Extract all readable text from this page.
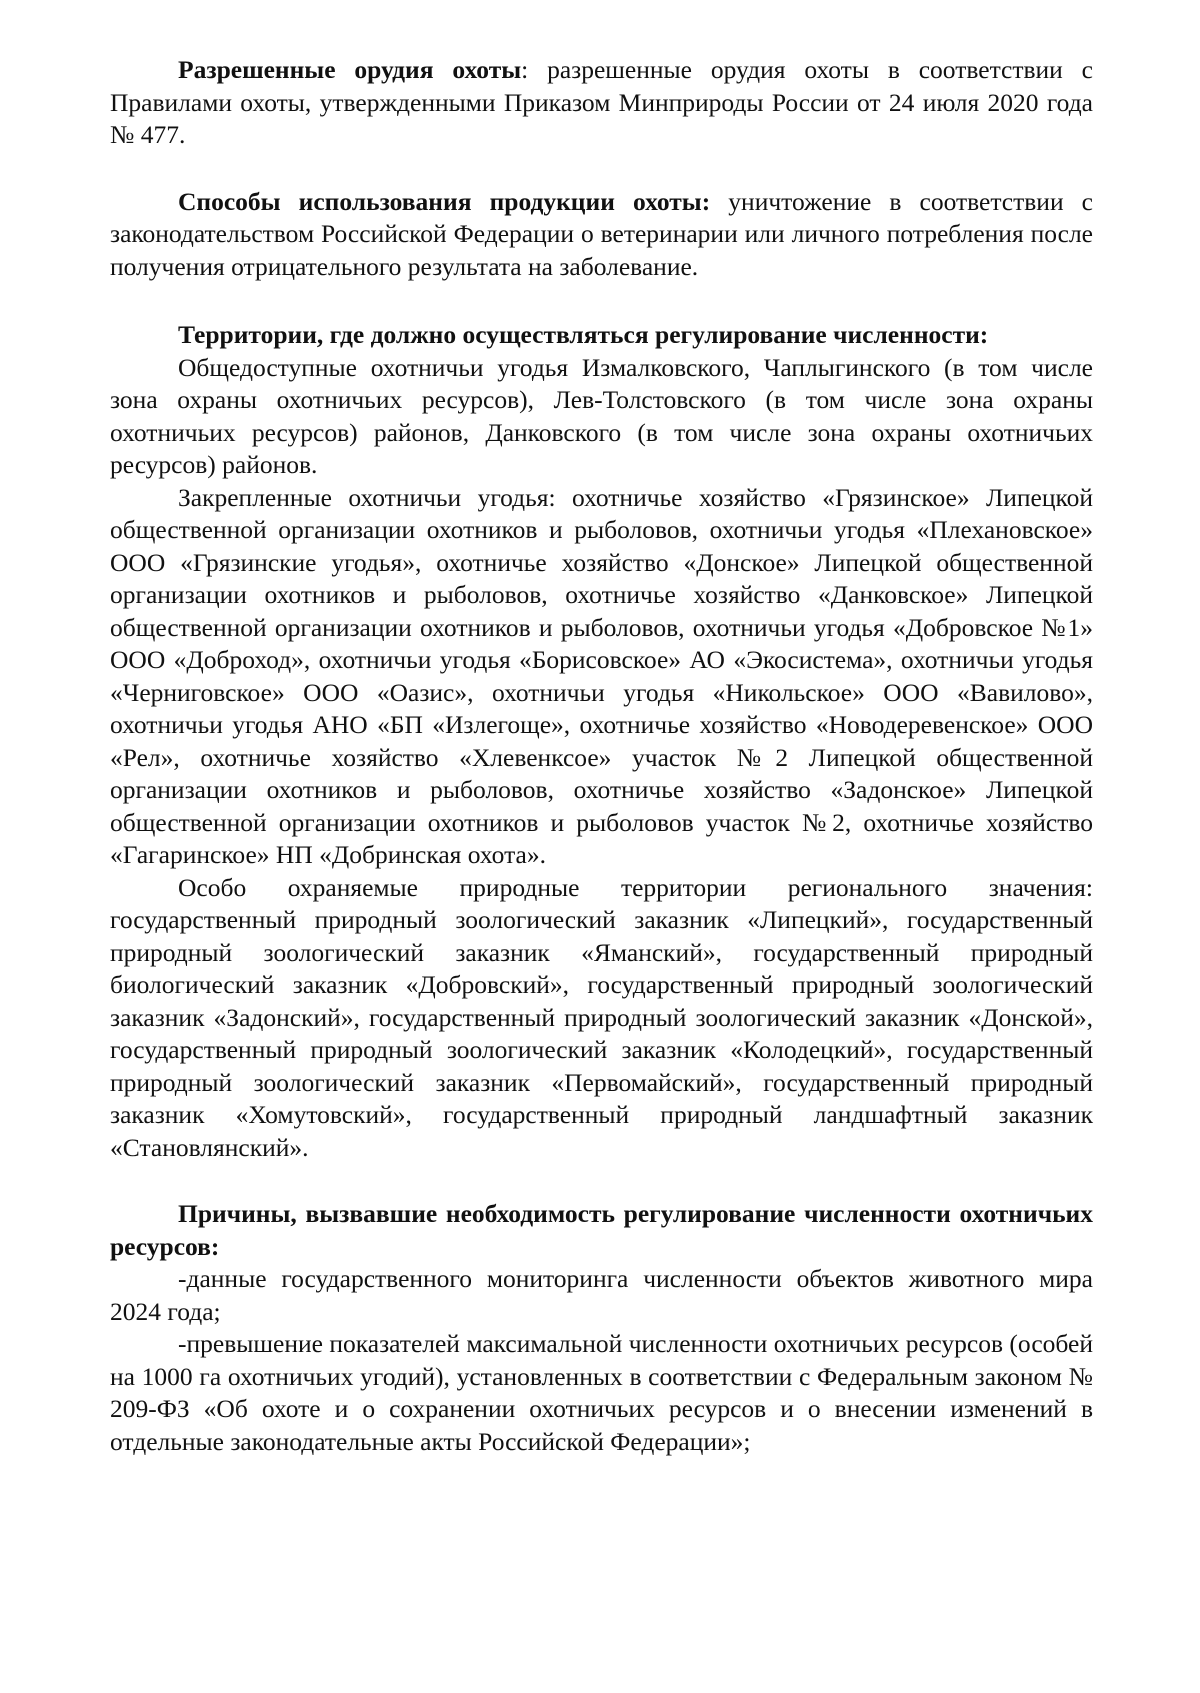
Разрешенные орудия охоты: разрешенные орудия охоты в соответствии с Правилами охоты, утвержденными Приказом Минприроды России от 24 июля 2020 года № 477.

Способы использования продукции охоты: уничтожение в соответствии с законодательством Российской Федерации о ветеринарии или личного потребления после получения отрицательного результата на заболевание.

Территории, где должно осуществляться регулирование численности:

Общедоступные охотничьи угодья Измалковского, Чаплыгинского (в том числе зона охраны охотничьих ресурсов), Лев-Толстовского (в том числе зона охраны охотничьих ресурсов) районов, Данковского (в том числе зона охраны охотничьих ресурсов) районов.

Закрепленные охотничьи угодья: охотничье хозяйство «Грязинское» Липецкой общественной организации охотников и рыболовов, охотничьи угодья «Плехановское» ООО «Грязинские угодья», охотничье хозяйство «Донское» Липецкой общественной организации охотников и рыболовов, охотничье хозяйство «Данковское» Липецкой общественной организации охотников и рыболовов, охотничьи угодья «Добровское №1» ООО «Доброход», охотничьи угодья «Борисовское» АО «Экосистема», охотничьи угодья «Черниговское» ООО «Оазис», охотничьи угодья «Никольское» ООО «Вавилово», охотничьи угодья АНО «БП «Излегоще», охотничье хозяйство «Новодеревенское» ООО «Рел», охотничье хозяйство «Хлевенксое» участок №2 Липецкой общественной организации охотников и рыболовов, охотничье хозяйство «Задонское» Липецкой общественной организации охотников и рыболовов участок №2, охотничье хозяйство «Гагаринское» НП «Добринская охота».

Особо охраняемые природные территории регионального значения: государственный природный зоологический заказник «Липецкий», государственный природный зоологический заказник «Яманский», государственный природный биологический заказник «Добровский», государственный природный зоологический заказник «Задонский», государственный природный зоологический заказник «Донской», государственный природный зоологический заказник «Колодецкий», государственный природный зоологический заказник «Первомайский», государственный природный заказник «Хомутовский», государственный природный ландшафтный заказник «Становлянский».

Причины, вызвавшие необходимость регулирование численности охотничьих ресурсов:

-данные государственного мониторинга численности объектов животного мира 2024 года;

-превышение показателей максимальной численности охотничьих ресурсов (особей на 1000 га охотничьих угодий), установленных в соответствии с Федеральным законом № 209-ФЗ «Об охоте и о сохранении охотничьих ресурсов и о внесении изменений в отдельные законодательные акты Российской Федерации»;
